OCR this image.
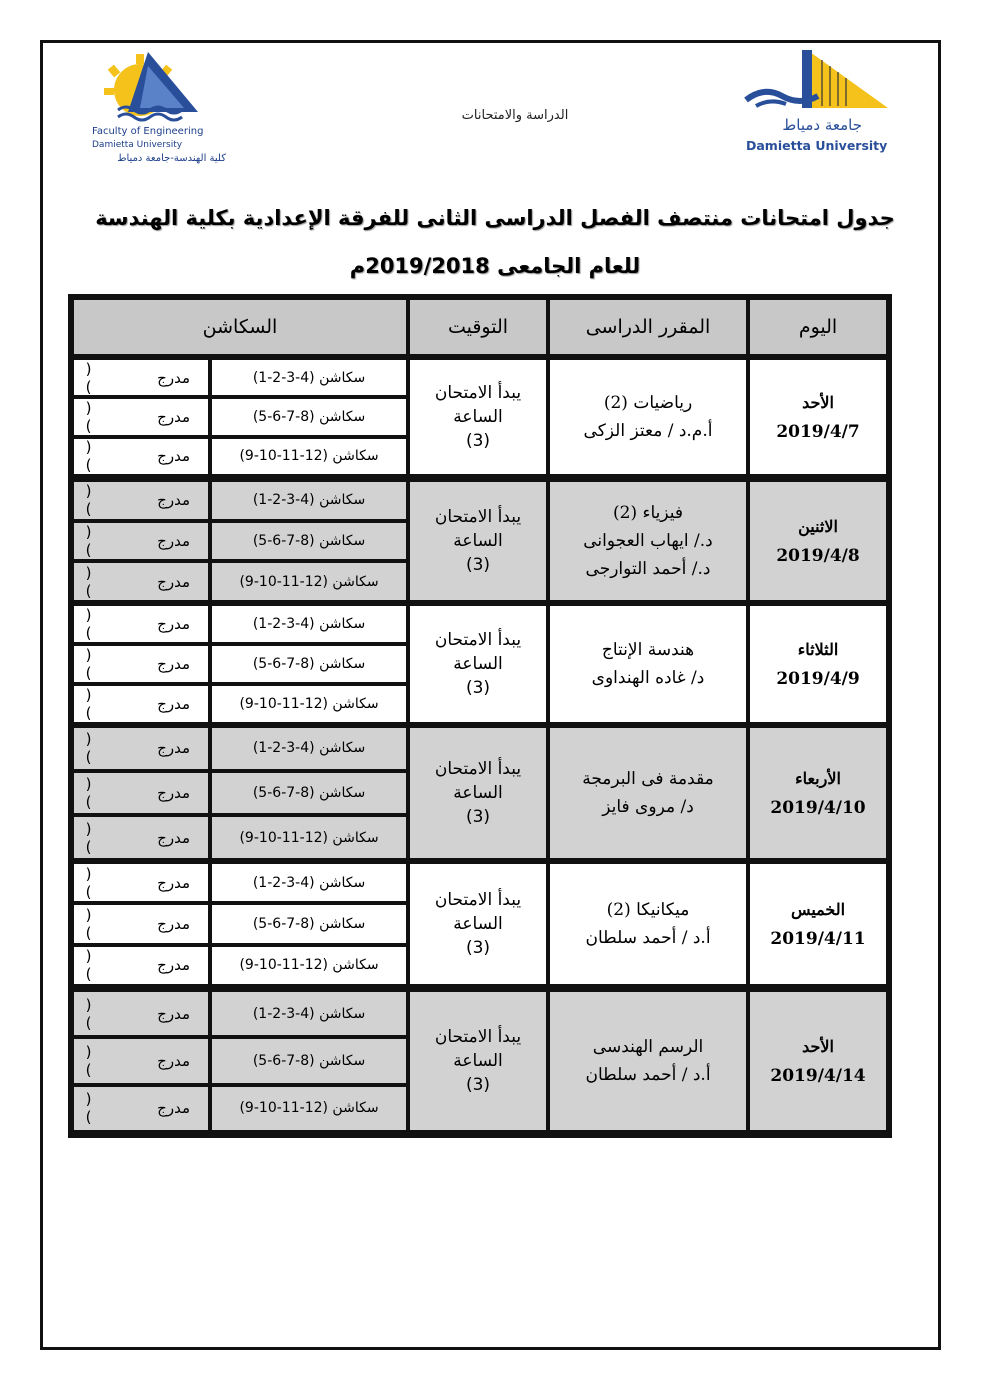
Faculty of Engineering
Damietta University
كلية الهندسة-جامعة دمياط
جامعة دمياط
Damietta University
الدراسة والامتحانات
جدول امتحانات منتصف الفصل الدراسى الثانى للفرقة الإعدادية بكلية الهندسة
للعام الجامعى 2019/2018م
اليوم
المقرر الدراسى
التوقيت
السكاشن
الأحد
2019/4/7
رياضيات (2)
أ.م.د / معتز الزكى
يبدأ الامتحان
الساعة
(3)
سكاشن (4-3-2-1)
مدرج
( )
سكاشن (8-7-6-5)
مدرج
( )
سكاشن (12-11-10-9)
مدرج
( )
الاثنين
2019/4/8
فيزياء (2)
د./ ايهاب العجوانى
د./ أحمد التوارجى
يبدأ الامتحان
الساعة
(3)
سكاشن (4-3-2-1)
مدرج
( )
سكاشن (8-7-6-5)
مدرج
( )
سكاشن (12-11-10-9)
مدرج
( )
الثلاثاء
2019/4/9
هندسة الإنتاج
د/ غاده الهنداوى
يبدأ الامتحان
الساعة
(3)
سكاشن (4-3-2-1)
مدرج
( )
سكاشن (8-7-6-5)
مدرج
( )
سكاشن (12-11-10-9)
مدرج
( )
الأربعاء
2019/4/10
مقدمة فى البرمجة
د/ مروى فايز
يبدأ الامتحان
الساعة
(3)
سكاشن (4-3-2-1)
مدرج
( )
سكاشن (8-7-6-5)
مدرج
( )
سكاشن (12-11-10-9)
مدرج
( )
الخميس
2019/4/11
ميكانيكا (2)
أ.د / أحمد سلطان
يبدأ الامتحان
الساعة
(3)
سكاشن (4-3-2-1)
مدرج
( )
سكاشن (8-7-6-5)
مدرج
( )
سكاشن (12-11-10-9)
مدرج
( )
الأحد
2019/4/14
الرسم الهندسى
أ.د / أحمد سلطان
يبدأ الامتحان
الساعة
(3)
سكاشن (4-3-2-1)
مدرج
( )
سكاشن (8-7-6-5)
مدرج
( )
سكاشن (12-11-10-9)
مدرج
( )
